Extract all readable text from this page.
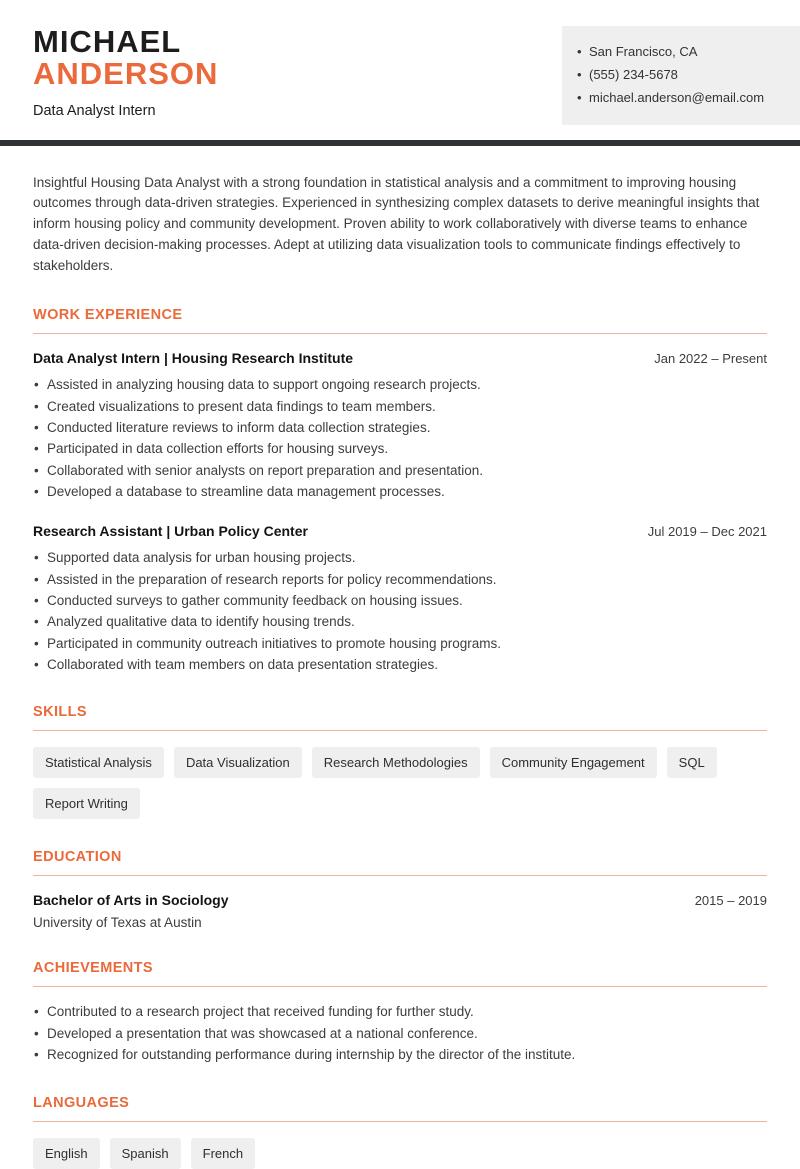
MICHAEL
ANDERSON
Data Analyst Intern
• San Francisco, CA
• (555) 234-5678
• michael.anderson@email.com

Insightful Housing Data Analyst with a strong foundation in statistical analysis and a commitment to improving housing outcomes through data-driven strategies. Experienced in synthesizing complex datasets to derive meaningful insights that inform housing policy and community development. Proven ability to work collaboratively with diverse teams to enhance data-driven decision-making processes. Adept at utilizing data visualization tools to communicate findings effectively to stakeholders.

WORK EXPERIENCE
Data Analyst Intern | Housing Research Institute	Jan 2022 – Present
• Assisted in analyzing housing data to support ongoing research projects.
• Created visualizations to present data findings to team members.
• Conducted literature reviews to inform data collection strategies.
• Participated in data collection efforts for housing surveys.
• Collaborated with senior analysts on report preparation and presentation.
• Developed a database to streamline data management processes.
Research Assistant | Urban Policy Center	Jul 2019 – Dec 2021
• Supported data analysis for urban housing projects.
• Assisted in the preparation of research reports for policy recommendations.
• Conducted surveys to gather community feedback on housing issues.
• Analyzed qualitative data to identify housing trends.
• Participated in community outreach initiatives to promote housing programs.
• Collaborated with team members on data presentation strategies.
SKILLS
Statistical Analysis	Data Visualization	Research Methodologies	Community Engagement	SQL
Report Writing
EDUCATION
Bachelor of Arts in Sociology	2015 – 2019
University of Texas at Austin
ACHIEVEMENTS
• Contributed to a research project that received funding for further study.
• Developed a presentation that was showcased at a national conference.
• Recognized for outstanding performance during internship by the director of the institute.
LANGUAGES
English	Spanish	French
